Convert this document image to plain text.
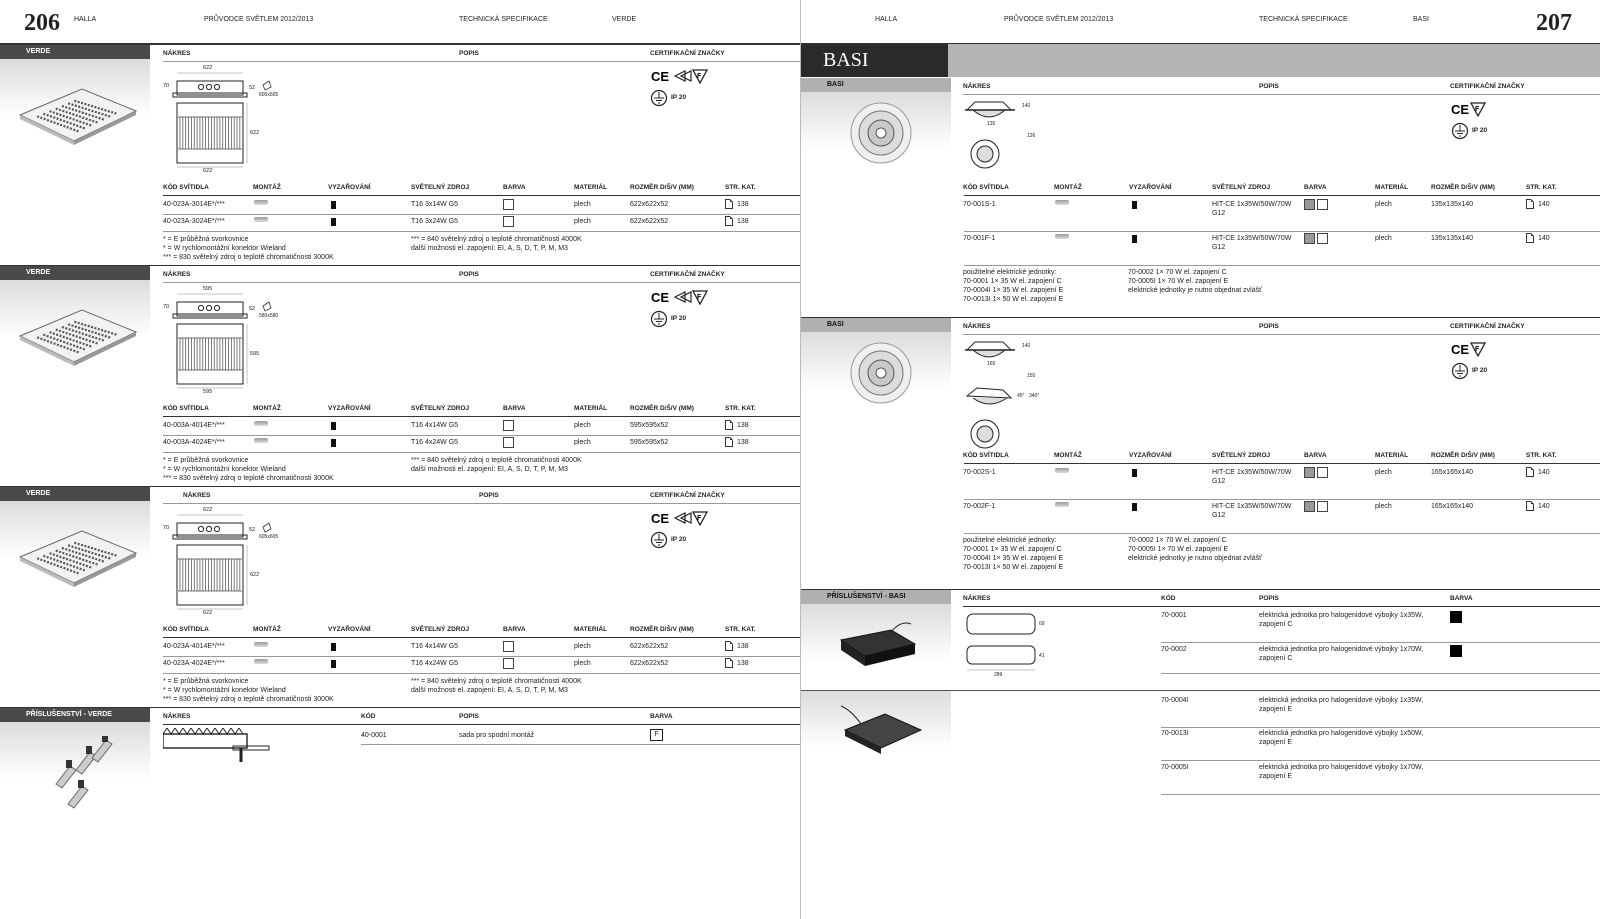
206 HALLA	PRŮVODCE SVĚTLEM 2012/2013	TECHNICKÁ SPECIFIKACE	VERDE
VERDE	NÁKRES	POPIS	CERTIFIKAČNÍ ZNAČKY
622
70	52
605x605
622
622
CE	F
IP 20
KÓD SVÍTIDLA	MONTÁŽ	VYZAŘOVÁNÍ	SVĚTELNÝ ZDROJ	BARVA	MATERIÁL	ROZMĚR D/Š/V (MM)	STR. KAT.
40-023A-3014E*/***	T16 3x14W G5	plech	622x622x52	138
40-023A-3024E*/***	T16 3x24W G5	plech	622x622x52	138
* = E průběžná svorkovnice
* = W rychlomontážní konektor Wieland
*** = 830 světelný zdroj o teplotě chromatičnosti 3000K
*** = 840 světelný zdroj o teplotě chromatičnosti 4000K
další možnosti el. zapojení: EI, A, S, D, T, P, M, M3
VERDE	NÁKRES	POPIS	CERTIFIKAČNÍ ZNAČKY
595
70	52
580x580
595
595
CE	F
IP 20
KÓD SVÍTIDLA	MONTÁŽ	VYZAŘOVÁNÍ	SVĚTELNÝ ZDROJ	BARVA	MATERIÁL	ROZMĚR D/Š/V (MM)	STR. KAT.
40-003A-4014E*/***	T16 4x14W G5	plech	595x595x52	138
40-003A-4024E*/***	T16 4x24W G5	plech	595x595x52	138
* = E průběžná svorkovnice
* = W rychlomontážní konektor Wieland
*** = 830 světelný zdroj o teplotě chromatičnosti 3000K
*** = 840 světelný zdroj o teplotě chromatičnosti 4000K
další možnosti el. zapojení: EI, A, S, D, T, P, M, M3
VERDE	NÁKRES	POPIS	CERTIFIKAČNÍ ZNAČKY
622
70	52
605x605
622
622
CE	F
IP 20
KÓD SVÍTIDLA	MONTÁŽ	VYZAŘOVÁNÍ	SVĚTELNÝ ZDROJ	BARVA	MATERIÁL	ROZMĚR D/Š/V (MM)	STR. KAT.
40-023A-4014E*/***	T16 4x14W G5	plech	622x622x52	138
40-023A-4024E*/***	T16 4x24W G5	plech	622x622x52	138
* = E průběžná svorkovnice
* = W rychlomontážní konektor Wieland
*** = 830 světelný zdroj o teplotě chromatičnosti 3000K
*** = 840 světelný zdroj o teplotě chromatičnosti 4000K
další možnosti el. zapojení: EI, A, S, D, T, P, M, M3
PŘÍSLUŠENSTVÍ - VERDE	NÁKRES	KÓD	POPIS	BARVA
40-0001	sada pro spodní montáž	F
HALLA	PRŮVODCE SVĚTLEM 2012/2013	TECHNICKÁ SPECIFIKACE	BASI	207
BASI
BASI	NÁKRES	POPIS	CERTIFIKAČNÍ ZNAČKY
140
135
126
CE F
IP 20
KÓD SVÍTIDLA	MONTÁŽ	VYZAŘOVÁNÍ	SVĚTELNÝ ZDROJ	BARVA	MATERIÁL	ROZMĚR D/Š/V (MM)	STR. KAT.
70-001S-1	HIT-CE 1x35W/50W/70W
G12
plech	135x135x140	140
70-001F-1	HIT-CE 1x35W/50W/70W
G12
plech	135x135x140	140
použitelné elektrické jednotky:
70-0001 1× 35 W el. zapojení C
70-0004I 1× 35 W el. zapojení E
70-0013I 1× 50 W el. zapojení E
70-0002 1× 70 W el. zapojení C
70-0005I 1× 70 W el. zapojení E
elektrické jednotky je nutno objednat zvlášť
BASI	NÁKRES	POPIS	CERTIFIKAČNÍ ZNAČKY
140
165
155
45° 340°
CE F
IP 20
KÓD SVÍTIDLA	MONTÁŽ	VYZAŘOVÁNÍ	SVĚTELNÝ ZDROJ	BARVA	MATERIÁL	ROZMĚR D/Š/V (MM)	STR. KAT.
70-002S-1	HIT-CE 1x35W/50W/70W
G12
plech	165x165x140	140
70-002F-1	HIT-CE 1x35W/50W/70W
G12
plech	165x165x140	140
použitelné elektrické jednotky:
70-0001 1× 35 W el. zapojení C
70-0004I 1× 35 W el. zapojení E
70-0013I 1× 50 W el. zapojení E
70-0002 1× 70 W el. zapojení C
70-0005I 1× 70 W el. zapojení E
elektrické jednotky je nutno objednat zvlášť
PŘÍSLUŠENSTVÍ - BASI	NÁKRES	KÓD	POPIS	BARVA
69
41
289
70-0001	elektrická jednotka pro halogenidové výbojky 1x35W,
zapojení C
70-0002	elektrická jednotka pro halogenidové výbojky 1x70W,
zapojení C
70-0004I	elektrická jednotka pro halogenidové výbojky 1x35W,
zapojení E
70-0013I	elektrická jednotka pro halogenidové výbojky 1x50W,
zapojení E
70-0005I	elektrická jednotka pro halogenidové výbojky 1x70W,
zapojení E
